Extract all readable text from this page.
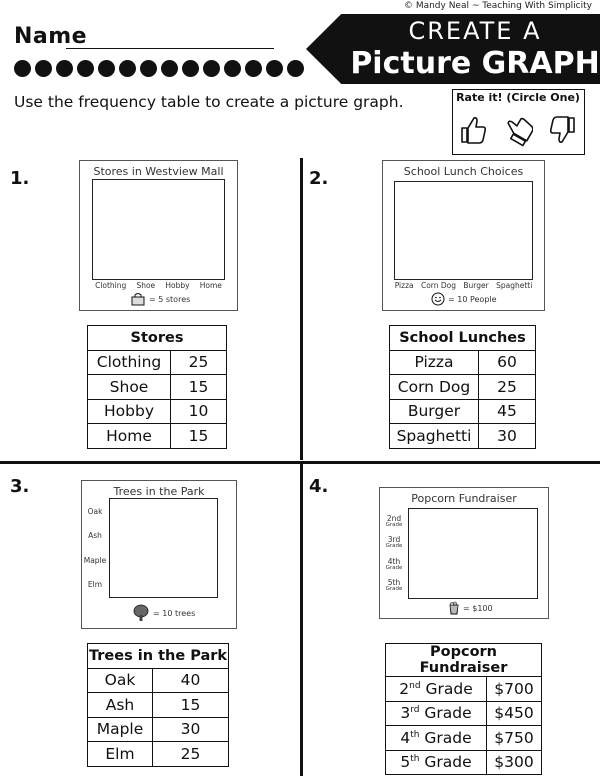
© Mandy Neal ~ Teaching With Simplicity
Name	CREATE A
Picture GRAPH
Use the frequency table to create a picture graph.	Rate it! (Circle One)
1.	Stores in Westview Mall
Clothing Shoe Hobby Home
= 5 stores
Stores	
Clothing	25
Shoe	15
Hobby	10
Home	15
2.	School Lunch Choices
Pizza Corn Dog Burger Spaghetti
= 10 People
School Lunches	
Pizza	60
Corn Dog	25
Burger	45
Spaghetti	30
3.	Trees in the Park
Oak
Ash
Maple
Elm
= 10 trees
Trees in the Park	
Oak	40
Ash	15
Maple	30
Elm	25
4.
Popcorn Fundraiser
2nd
Grade
3rd
Grade
4th
Grade
5th
Grade
= $100
Popcorn Fundraiser	
2nd Grade	$700
3rd Grade	$450
4th Grade	$750
5th Grade	$300
